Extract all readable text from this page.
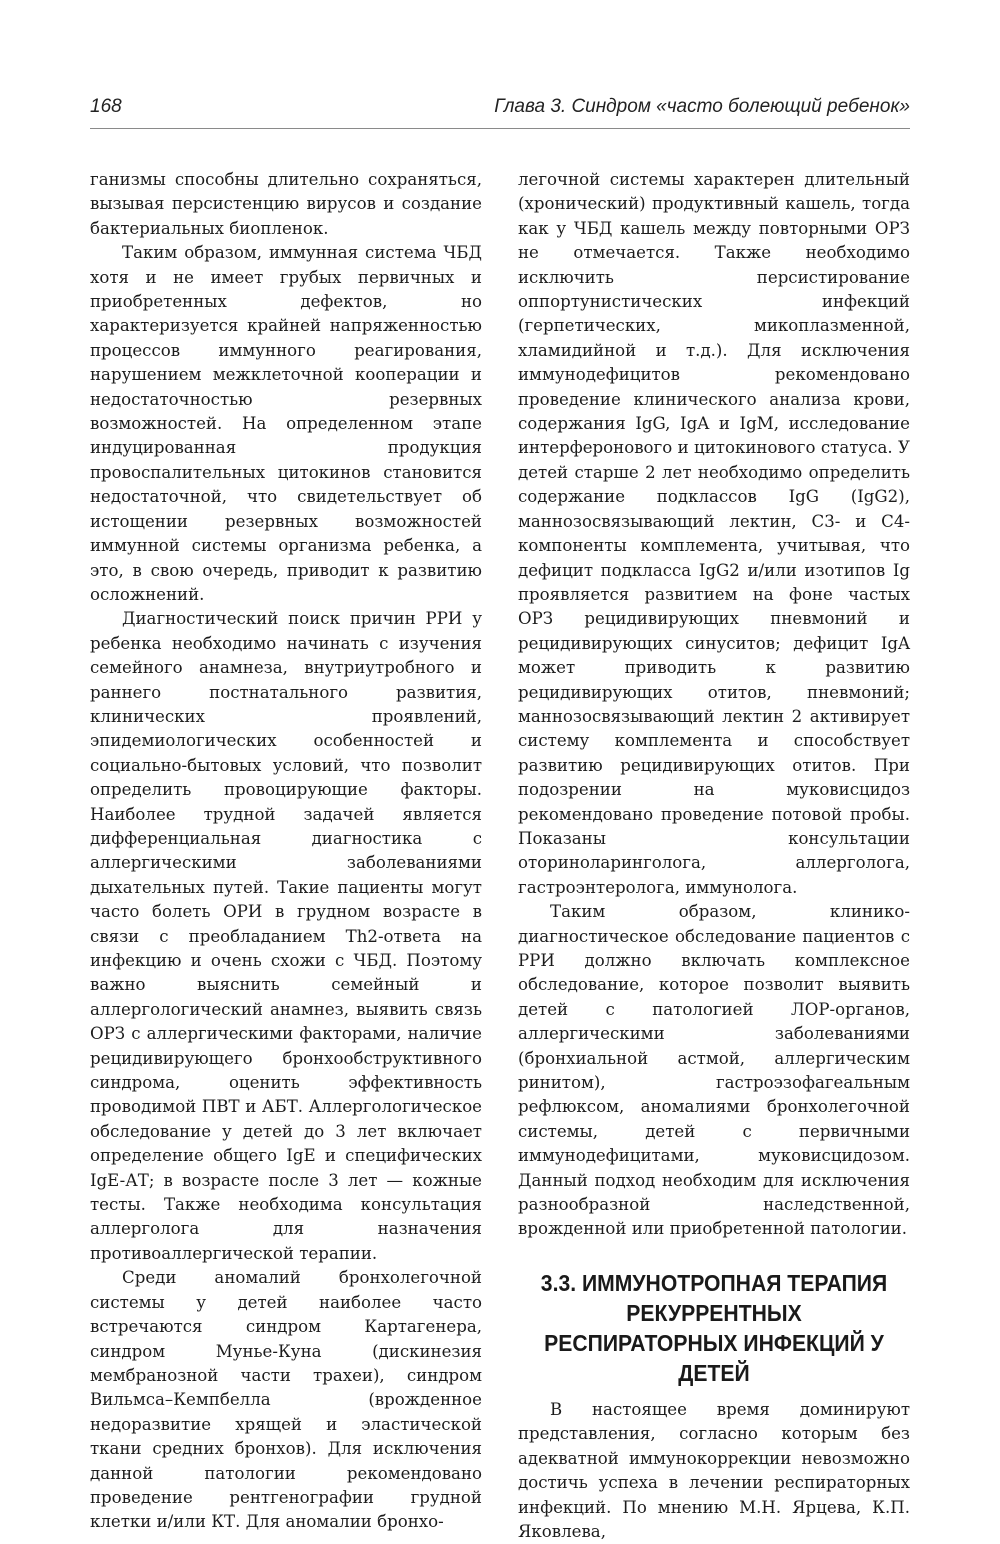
168	Глава 3. Синдром «часто болеющий ребенок»

ганизмы способны длительно сохраняться, вызывая персистенцию вирусов и создание бактериальных биопленок.

Таким образом, иммунная система ЧБД хотя и не имеет грубых первичных и приобретенных дефектов, но характеризуется крайней напряженностью процессов иммунного реагирования, нарушением межклеточной кооперации и недостаточностью резервных возможностей. На определенном этапе индуцированная продукция провоспалительных цитокинов становится недостаточной, что свидетельствует об истощении резервных возможностей иммунной системы организма ребенка, а это, в свою очередь, приводит к развитию осложнений.

Диагностический поиск причин РРИ у ребенка необходимо начинать с изучения семейного анамнеза, внутриутробного и раннего постнатального развития, клинических проявлений, эпидемиологических особенностей и социально-бытовых условий, что позволит определить провоцирующие факторы. Наиболее трудной задачей является дифференциальная диагностика с аллергическими заболеваниями дыхательных путей. Такие пациенты могут часто болеть ОРИ в грудном возрасте в связи с преобладанием Th2-ответа на инфекцию и очень схожи с ЧБД. Поэтому важно выяснить семейный и аллергологический анамнез, выявить связь ОРЗ с аллергическими факторами, наличие рецидивирующего бронхообструктивного синдрома, оценить эффективность проводимой ПВТ и АБТ. Аллергологическое обследование у детей до 3 лет включает определение общего IgE и специфических IgE-АТ; в возрасте после 3 лет — кожные тесты. Также необходима консультация аллерголога для назначения противоаллергической терапии.

Среди аномалий бронхолегочной системы у детей наиболее часто встречаются синдром Картагенера, синдром Мунье-Куна (дискинезия мембранозной части трахеи), синдром Вильмса–Кемпбелла (врожденное недоразвитие хрящей и эластической ткани средних бронхов). Для исключения данной патологии рекомендовано проведение рентгенографии грудной клетки и/или КТ. Для аномалии бронхо-

легочной системы характерен длительный (хронический) продуктивный кашель, тогда как у ЧБД кашель между повторными ОРЗ не отмечается. Также необходимо исключить персистирование оппортунистических инфекций (герпетических, микоплазменной, хламидийной и т.д.). Для исключения иммунодефицитов рекомендовано проведение клинического анализа крови, содержания IgG, IgA и IgM, исследование интерферонового и цитокинового статуса. У детей старше 2 лет необходимо определить содержание подклассов IgG (IgG2), маннозосвязывающий лектин, С3- и С4-компоненты комплемента, учитывая, что дефицит подкласса IgG2 и/или изотипов Ig проявляется развитием на фоне частых ОРЗ рецидивирующих пневмоний и рецидивирующих синуситов; дефицит IgA может приводить к развитию рецидивирующих отитов, пневмоний; маннозосвязывающий лектин 2 активирует систему комплемента и способствует развитию рецидивирующих отитов. При подозрении на муковисцидоз рекомендовано проведение потовой пробы. Показаны консультации оториноларинголога, аллерголога, гастроэнтеролога, иммунолога.

Таким образом, клинико-диагностическое обследование пациентов с РРИ должно включать комплексное обследование, которое позволит выявить детей с патологией ЛОР-органов, аллергическими заболеваниями (бронхиальной астмой, аллергическим ринитом), гастроэзофагеальным рефлюксом, аномалиями бронхолегочной системы, детей с первичными иммунодефицитами, муковисцидозом. Данный подход необходим для исключения разнообразной наследственной, врожденной или приобретенной патологии.

3.3. ИММУНОТРОПНАЯ ТЕРАПИЯ РЕКУРРЕНТНЫХ РЕСПИРАТОРНЫХ ИНФЕКЦИЙ У ДЕТЕЙ

В настоящее время доминируют представления, согласно которым без адекватной иммунокоррекции невозможно достичь успеха в лечении респираторных инфекций. По мнению М.Н. Ярцева, К.П. Яковлева,
